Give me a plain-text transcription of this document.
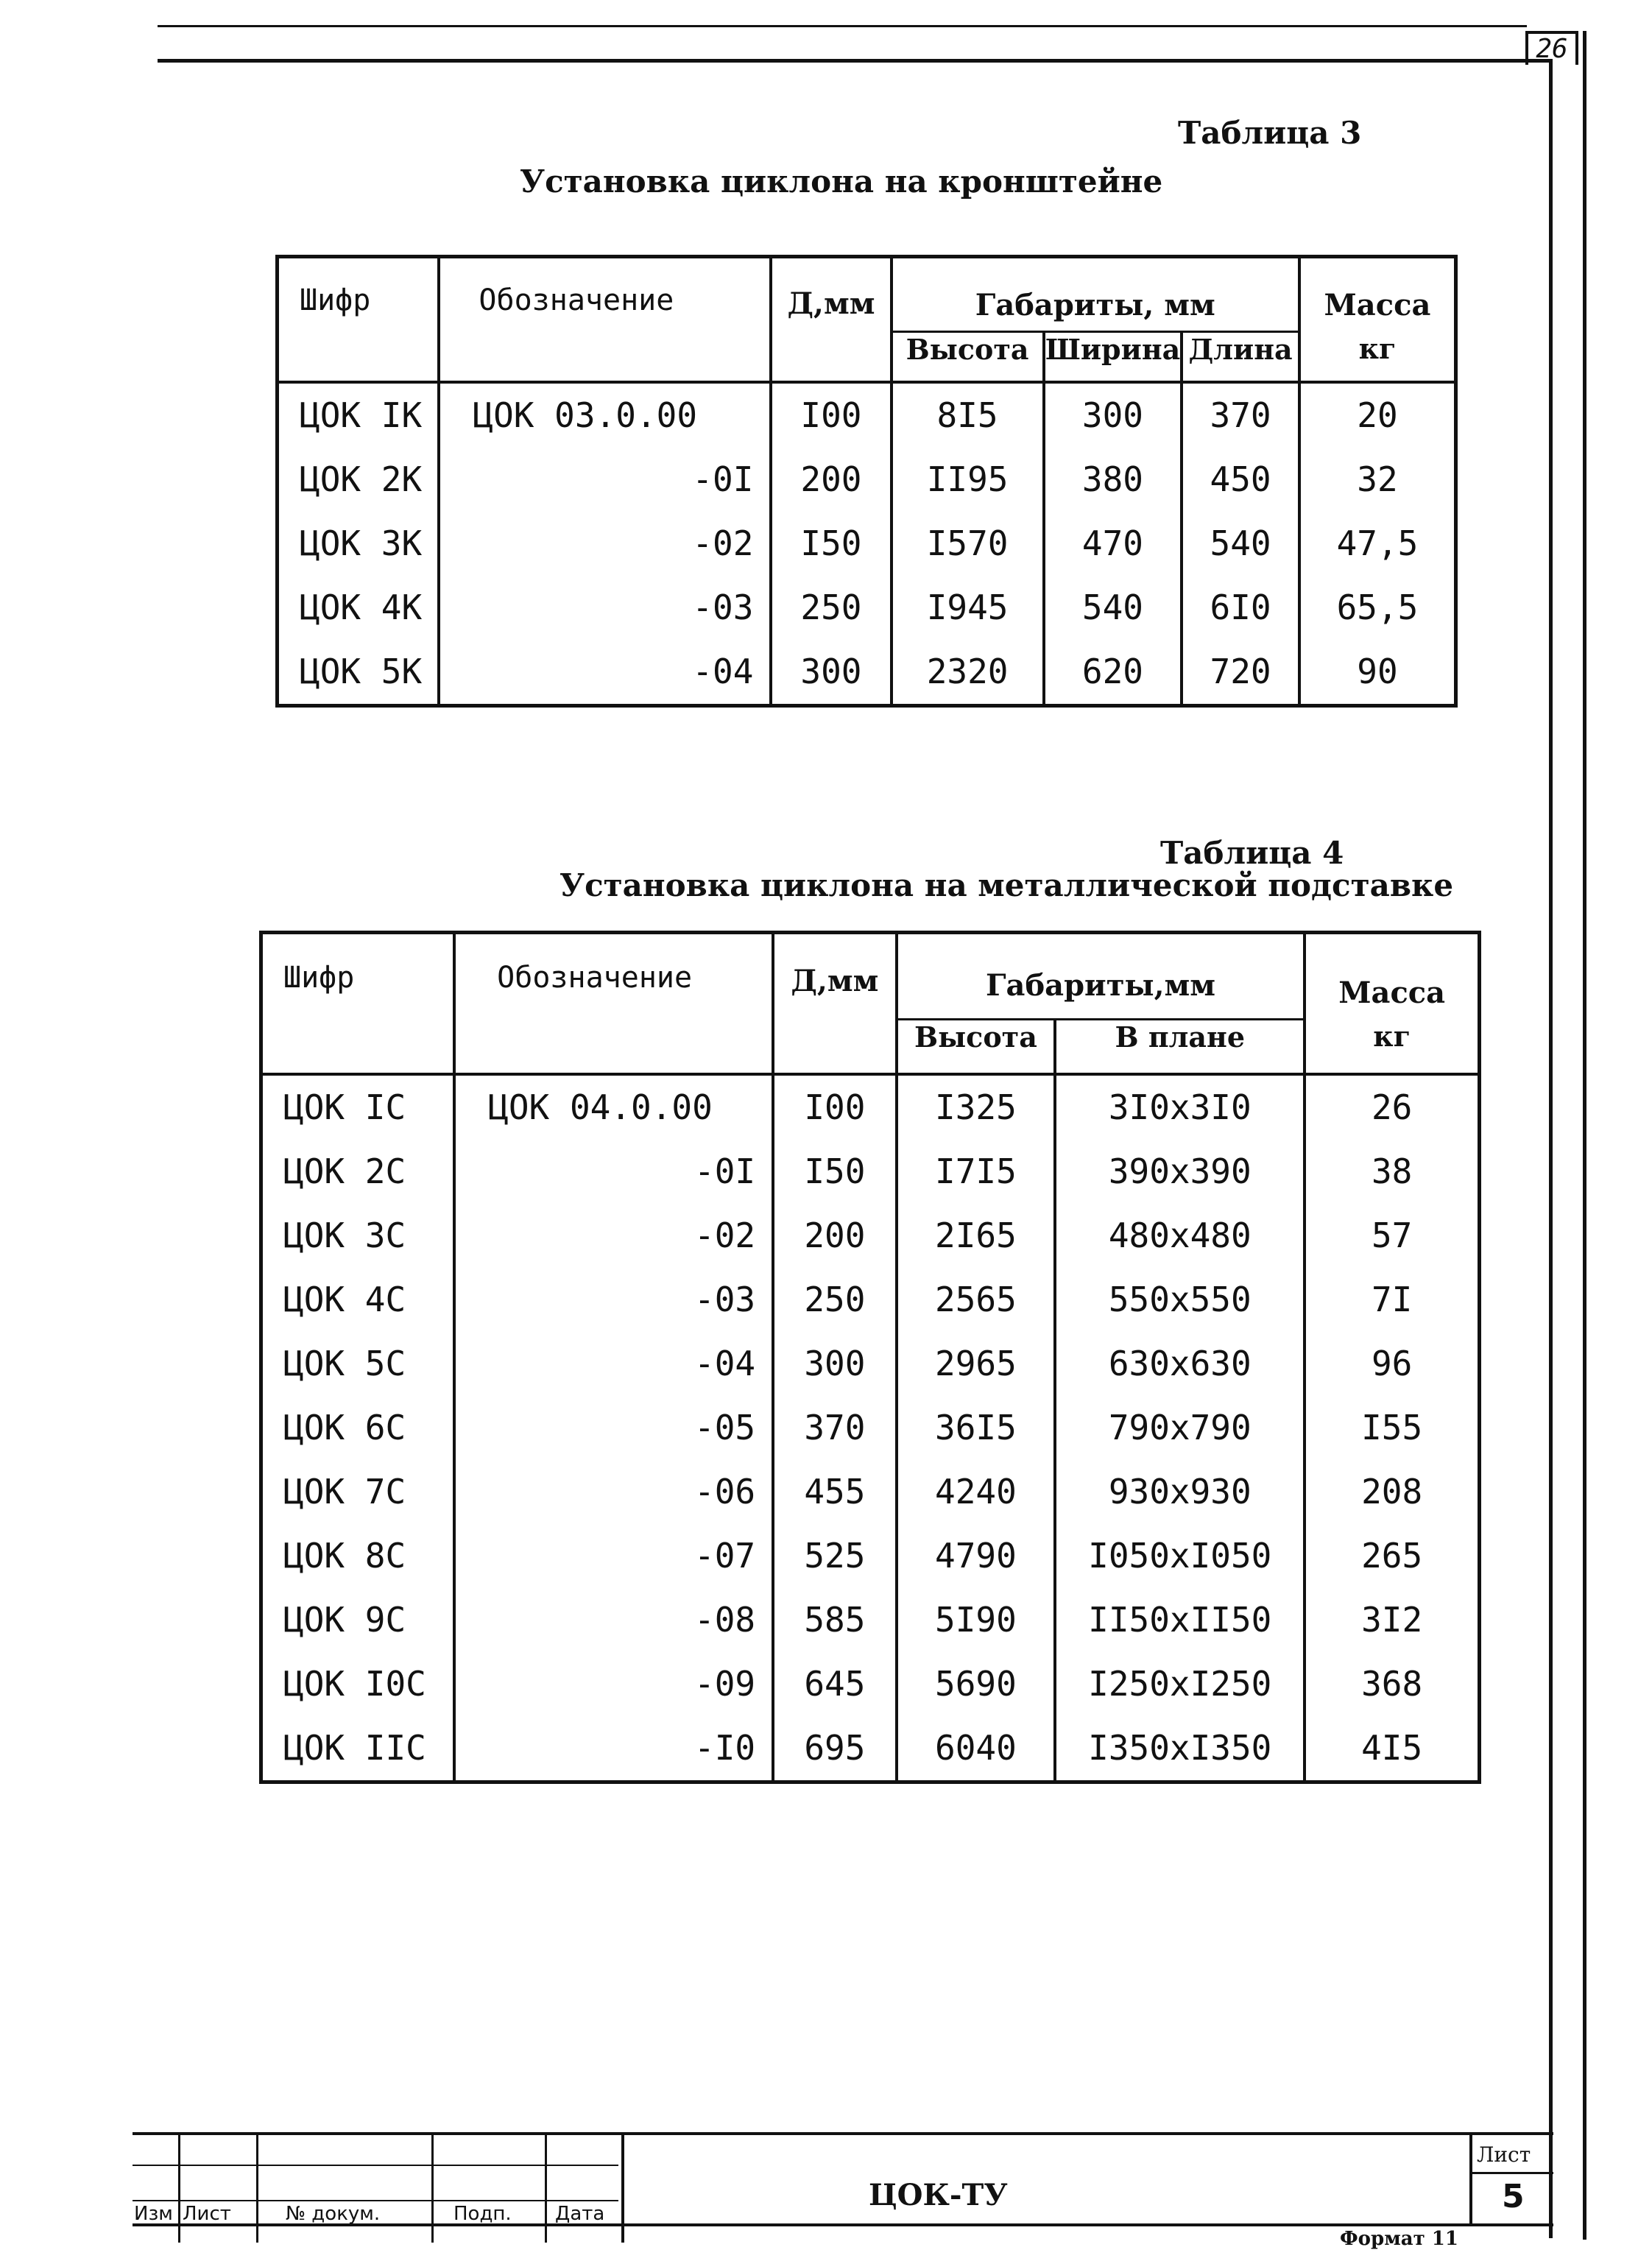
26
Таблица 3
Установка циклона на кронштейне
Шифр	Обозначение	Д,мм	Габариты, мм			Масса
			Высота	Ширина	Длина	кг
ЦОК IК	ЦОК 03.0.00	I00	8I5	300	370	20
ЦОК 2К	-0I	200	II95	380	450	32
ЦОК 3К	-02	I50	I570	470	540	47,5
ЦОК 4К	-03	250	I945	540	6I0	65,5
ЦОК 5К	-04	300	2320	620	720	90
Таблица 4
Установка циклона на металлической подставке
Шифр	Обозначение	Д,мм	Габариты,мм		Масса
			Высота	В плане	кг
ЦОК IС	ЦОК 04.0.00	I00	I325	3I0х3I0	26
ЦОК 2С	-0I	I50	I7I5	390х390	38
ЦОК 3С	-02	200	2I65	480х480	57
ЦОК 4С	-03	250	2565	550х550	7I
ЦОК 5С	-04	300	2965	630х630	96
ЦОК 6С	-05	370	36I5	790х790	I55
ЦОК 7С	-06	455	4240	930х930	208
ЦОК 8С	-07	525	4790	I050хI050	265
ЦОК 9С	-08	585	5I90	II50хII50	3I2
ЦОК I0С	-09	645	5690	I250хI250	368
ЦОК IIС	-I0	695	6040	I350хI350	4I5
Изм Лист	№ докум.	Подп. Дата
ЦОК-ТУ
Лист
5
Формат 11
